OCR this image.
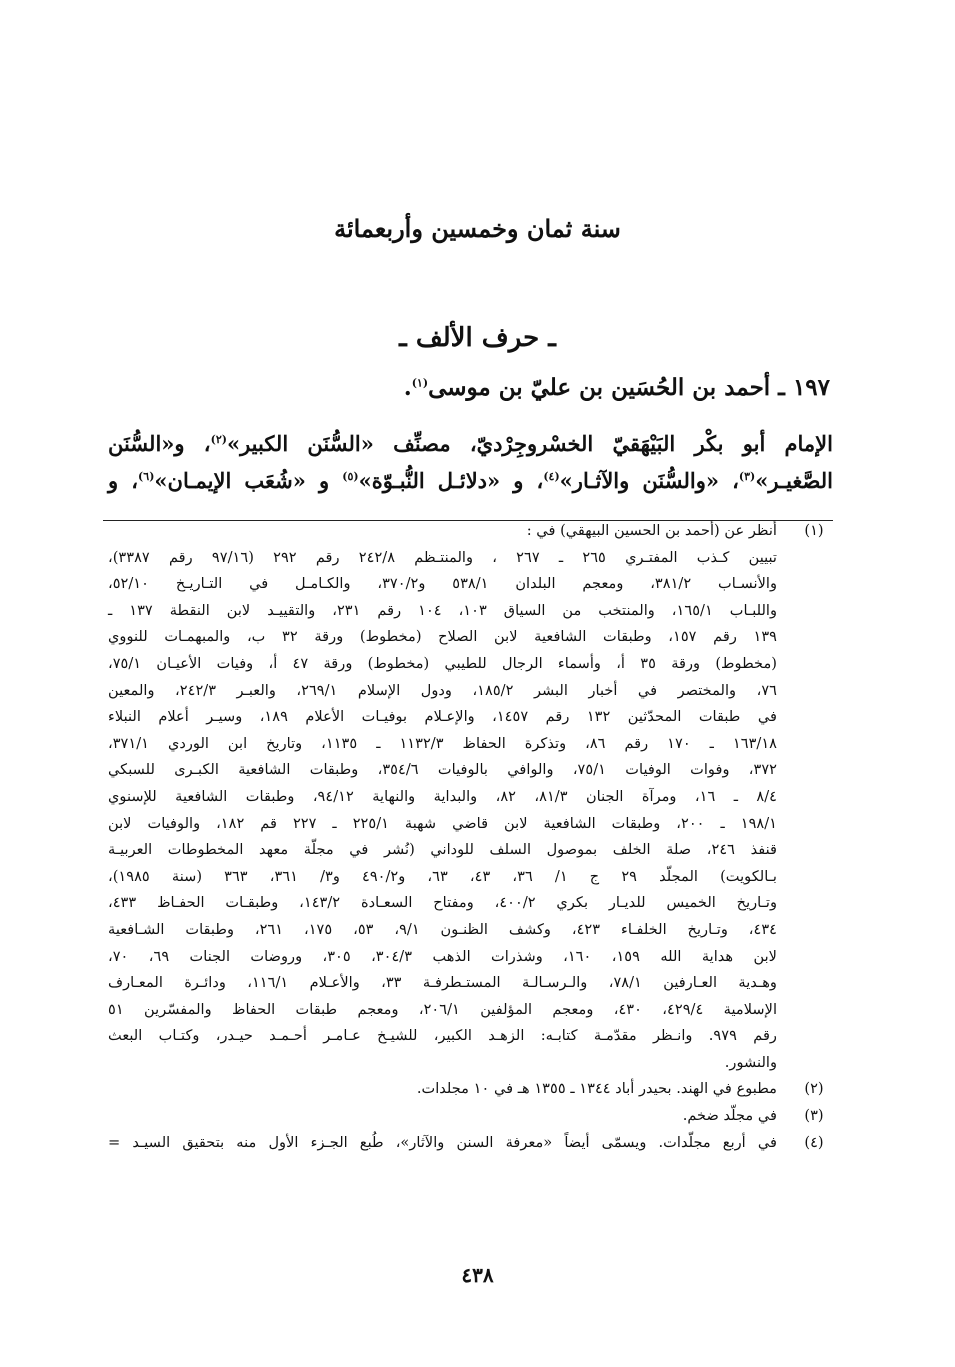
سنة ثمان وخمسين وأربعمائة
ـ حرف الألف ـ
١٩٧ ـ أحمد بن الحُسَين بن عليّ بن موسى$^{(١)}$.
الإمام أبو بكْر البَيْهَقيّ الخسْروجِرْديّ، مصنِّف «السُّنَن الكبير»$^{(٢)}$، و«السُّنَن
الصَّغيـر»$^{(٣)}$، «والسُّنَن والآثـار»$^{(٤)}$، و «دلائـل النُّبـوّة»$^{(٥)}$ و «شُعَب الإيمـان»$^{(٦)}$، و
(١)
أنظر عن (أحمد بن الحسين البيهقي) في :
تبيين كـذب المفتـري ٢٦٥ ـ ٢٦٧ ، والمنتـظم ٢٤٢/٨ رقم ٢٩٢ (٩٧/١٦ رقم ٣٣٨٧)،
والأنسـاب ٣٨١/٢، ومعجم البلدان ٥٣٨/١ و٣٧٠/٢، والكـامـل في التـاريـخ ٥٢/١٠،
واللبـاب ١٦٥/١، والمنتخب من السياق ١٠٣، ١٠٤ رقم ٢٣١، والتقييـد لابن النقطة ١٣٧ ـ
١٣٩ رقم ١٥٧، وطبقات الشافعية لابن الصلاح (مخطوط) ورقة ٣٢ ب، والمبهمـات للنووي
(مخطوط) ورقة ٣٥ أ، وأسماء الرجال للطيبي (مخطوط) ورقة ٤٧ أ، وفيات الأعيـان ٧٥/١،
٧٦، والمختصر في أخبار البشر ١٨٥/٢، ودول الإسلام ٢٦٩/١، والعبـر ٢٤٢/٣، والمعين
في طبقات المحدّثين ١٣٢ رقم ١٤٥٧، والإعـلام بوفيـات الأعلام ١٨٩، وسيـر أعلام النبلاء
١٦٣/١٨ ـ ١٧٠ رقم ٨٦، وتذكرة الحفاظ ١١٣٢/٣ ـ ١١٣٥، وتاريخ ابن الوردي ٣٧١/١،
٣٧٢، وفوات الوفيات ٧٥/١، والوافي بالوفيات ٣٥٤/٦، وطبقات الشافعية الكبـرى للسبكي
٨/٤ ـ ١٦، ومرآة الجنان ٨١/٣، ٨٢، والبداية والنهاية ٩٤/١٢، وطبقات الشافعية للإسنوي
١٩٨/١ ـ ٢٠٠، وطبقات الشافعية لابن قاضي شهبة ٢٢٥/١ ـ ٢٢٧ قم ١٨٢، والوفيات لابن
قنفذ ٢٤٦، صلة الخلف بموصول السلف للوداني (نُشر في مجلّة معهد المخطوطات العربيـة
بـالكويت) المجلّد ٢٩ ج ١/ ٣٦، ٤٣، ٦٣، و٤٩٠/٢ و٣/ ٣٦١، ٣٦٣ (سنة ١٩٨٥)،
وتـاريخ الخميس للديـار بكري ٤٠٠/٢، ومفتاح السعـادة ١٤٣/٢، وطبقـات الحفـاظ ٤٣٣،
٤٣٤، وتـاريخ الخلفـاء ٤٢٣، وكشف الظنـون ٩/١، ٥٣، ١٧٥، ٢٦١، وطبقات الشـافعية
لابن هداية الله ١٥٩، ١٦٠، وشذرات الذهب ٣٠٤/٣، ٣٠٥، وروضات الجنات ٦٩، ٧٠،
وهـدية العـارفين ٧٨/١، والـرسـالـة المستـطرفـة ٣٣، والأعـلام ١١٦/١، ودائـرة المعـارف
الإسلامية ٤٢٩/٤، ٤٣٠، ومعجم المؤلفين ٢٠٦/١، ومعجم طبقات الحفاظ والمفسّرين ٥١
رقم ٩٧٩. وانـظر مقدّمـة كتابـه: الزهـد الكبير، للشيـخ عـامـر أحـمـد حيـدر، وكتـاب البعث
والنشور.
(٢)
مطبوع في الهند. بحيدر أباد ١٣٤٤ ـ ١٣٥٥ هـ في ١٠ مجلدات.
(٣)
في مجلّد ضخم.
(٤)
في أربع مجلّدات. ويسمّى أيضاً «معرفة السنن والآثار»، طُبع الجـزء الأول منه بتحقيق السيـد =
٤٣٨
